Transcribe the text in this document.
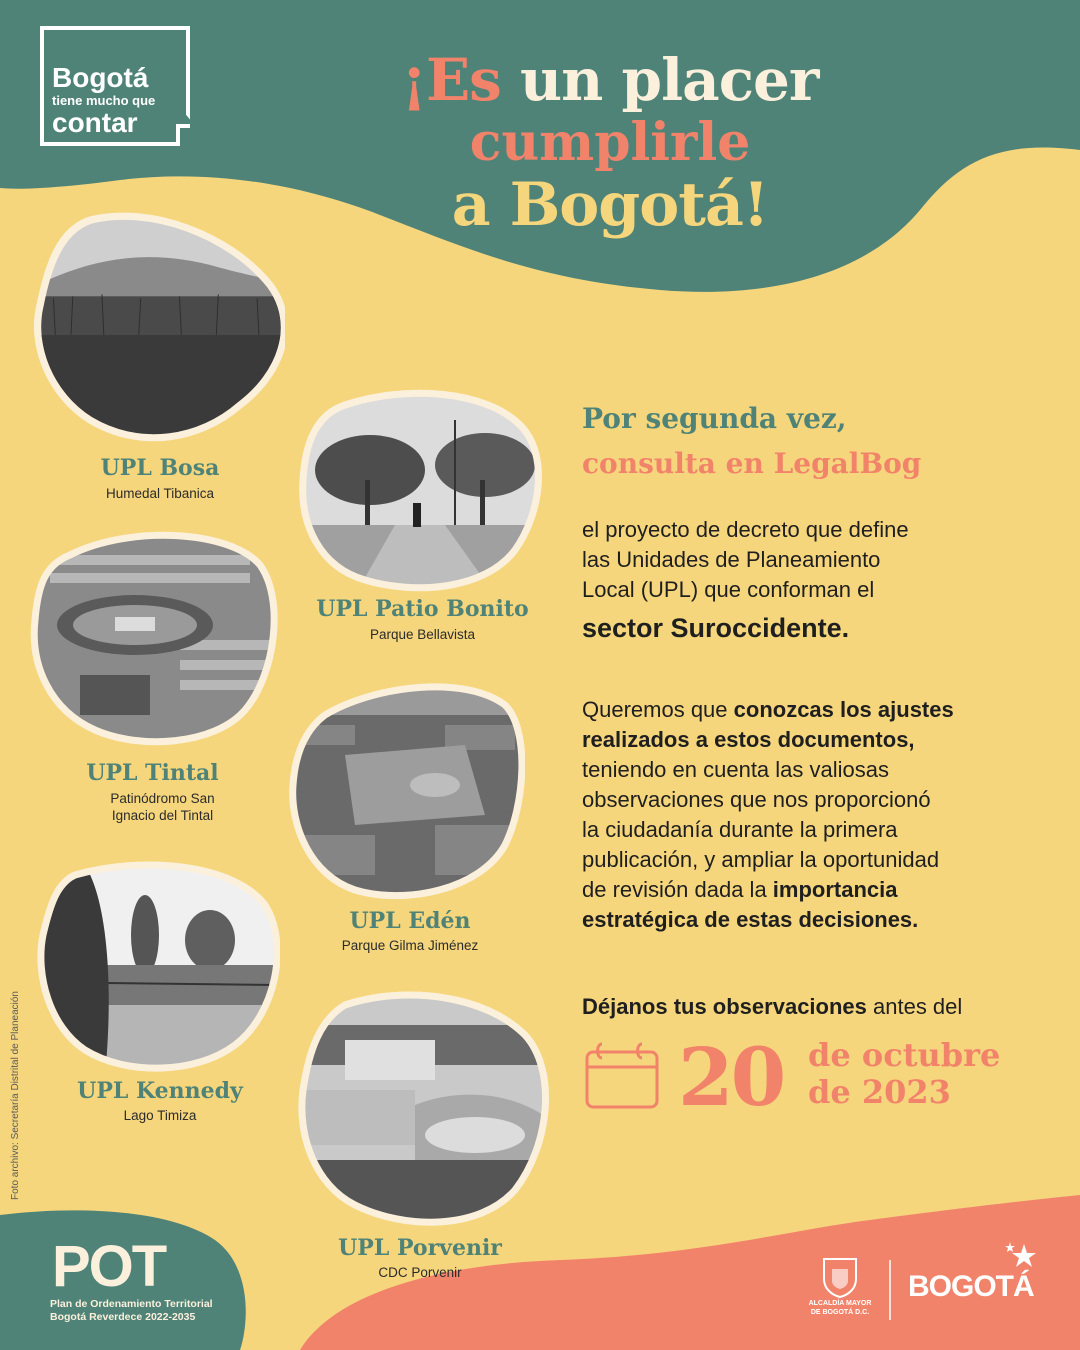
Bogotá
tiene mucho que
contar
¡Es un placer
cumplirle
a Bogotá!
UPL Bosa
Humedal Tibanica
UPL Patio Bonito
Parque Bellavista
UPL Tintal
Patinódromo San
Ignacio del Tintal
UPL Edén
Parque Gilma Jiménez
UPL Kennedy
Lago Timiza
UPL Porvenir
CDC Porvenir
Por segunda vez,
consulta en LegalBog
el proyecto de decreto que define
las Unidades de Planeamiento
Local (UPL) que conforman el
sector Suroccidente.
Queremos que conozcas los ajustes
realizados a estos documentos,
teniendo en cuenta las valiosas
observaciones que nos proporcionó
la ciudadanía durante la primera
publicación, y ampliar la oportunidad
de revisión dada la importancia
estratégica de estas decisiones.
Déjanos tus observaciones antes del
20 de octubre
de 2023
Foto archivo: Secretaría Distrital de Planeación
POT
Plan de Ordenamiento Territorial
Bogotá Reverdece 2022-2035
ALCALDÍA MAYOR
DE BOGOTÁ D.C.
BOGOTÁ
